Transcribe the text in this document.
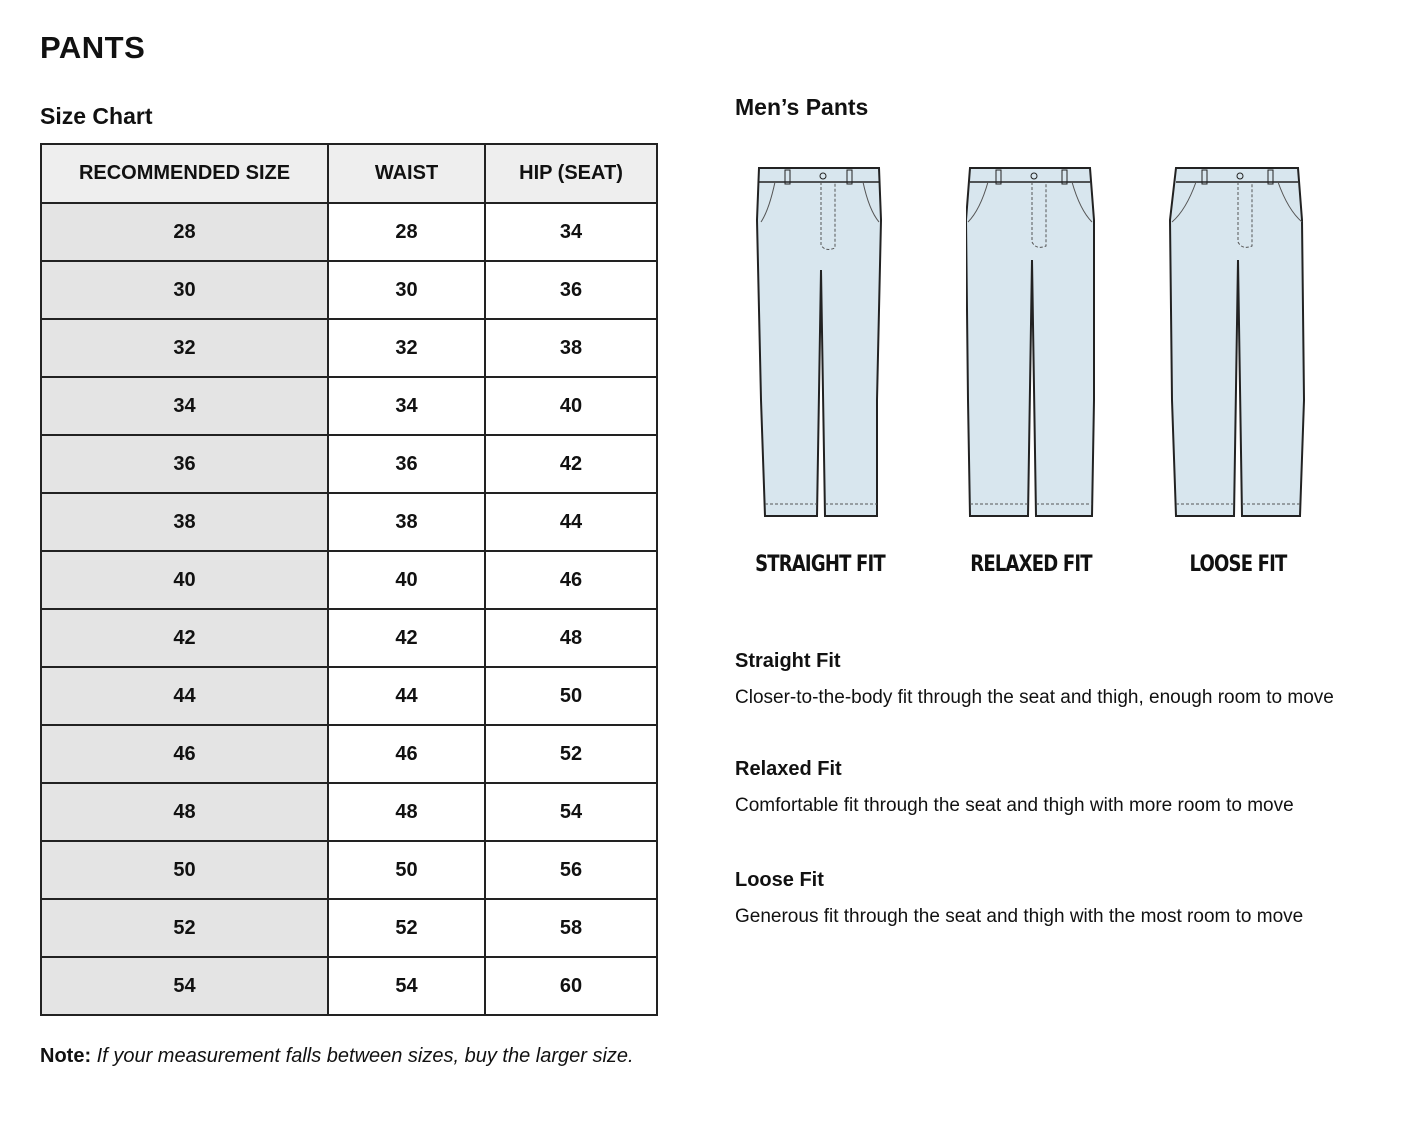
PANTS
Size Chart
RECOMMENDED SIZE	WAIST	HIP (SEAT)
28	28	34
30	30	36
32	32	38
34	34	40
36	36	42
38	38	44
40	40	46
42	42	48
44	44	50
46	46	52
48	48	54
50	50	56
52	52	58
54	54	60
Note: If your measurement falls between sizes, buy the larger size.
Men’s Pants
STRAIGHT FIT	RELAXED FIT	LOOSE FIT
Straight Fit

Closer-to-the-body fit through the seat and thigh, enough room to move

Relaxed Fit

Comfortable fit through the seat and thigh with more room to move

Loose Fit

Generous fit through the seat and thigh with the most room to move
